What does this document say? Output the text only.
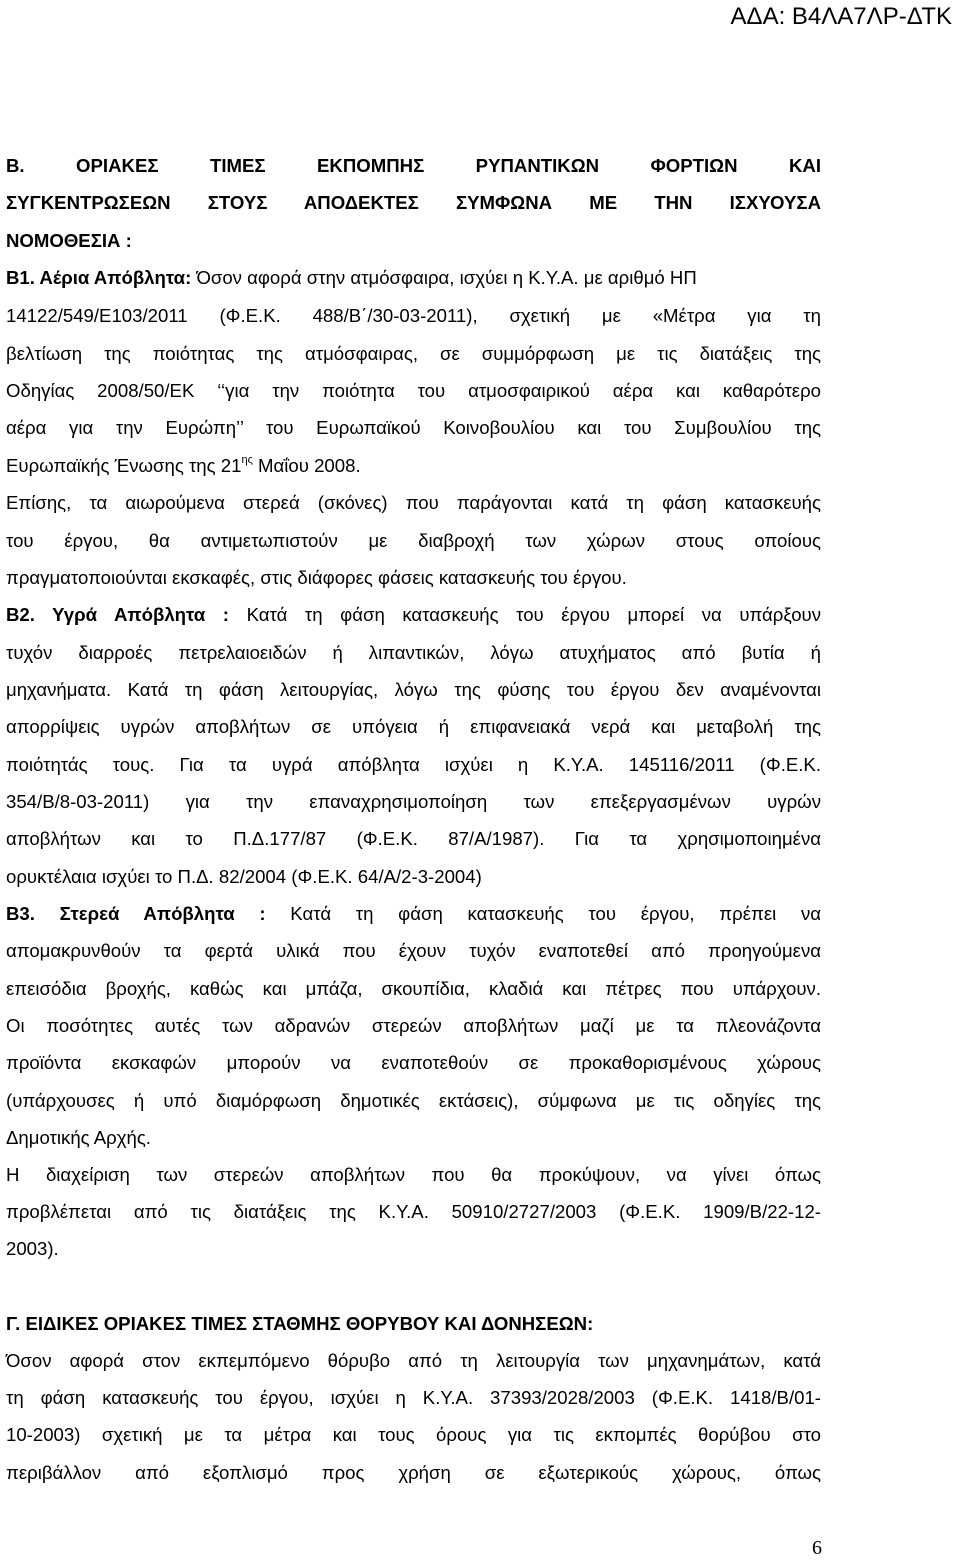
ΑΔΑ: Β4ΛΑ7ΛΡ-ΔΤΚ
Β. ΟΡΙΑΚΕΣ ΤΙΜΕΣ ΕΚΠΟΜΠΗΣ ΡΥΠΑΝΤΙΚΩΝ ΦΟΡΤΙΩΝ ΚΑΙ
ΣΥΓΚΕΝΤΡΩΣΕΩΝ ΣΤΟΥΣ ΑΠΟΔΕΚΤΕΣ ΣΥΜΦΩΝΑ ΜΕ ΤΗΝ ΙΣΧΥΟΥΣΑ
ΝΟΜΟΘΕΣΙΑ :
Β1. Αέρια Απόβλητα: Όσον αφορά στην ατμόσφαιρα, ισχύει η Κ.Υ.Α. με αριθμό ΗΠ
14122/549/Ε103/2011 (Φ.Ε.Κ. 488/Β΄/30-03-2011), σχετική με «Μέτρα για τη
βελτίωση της ποιότητας της ατμόσφαιρας, σε συμμόρφωση με τις διατάξεις της
Οδηγίας 2008/50/ΕΚ ‘‘για την ποιότητα του ατμοσφαιρικού αέρα και καθαρότερο
αέρα για την Ευρώπη’’ του Ευρωπαϊκού Κοινοβουλίου και του Συμβουλίου της
Ευρωπαϊκής Ένωσης της $21^{\eta\varsigma}$ Μαΐου 2008.
Επίσης, τα αιωρούμενα στερεά (σκόνες) που παράγονται κατά τη φάση κατασκευής
του έργου, θα αντιμετωπιστούν με διαβροχή των χώρων στους οποίους
πραγματοποιούνται εκσκαφές, στις διάφορες φάσεις κατασκευής του έργου.
Β2. Υγρά Απόβλητα : Κατά τη φάση κατασκευής του έργου μπορεί να υπάρξουν
τυχόν διαρροές πετρελαιοειδών ή λιπαντικών, λόγω ατυχήματος από βυτία ή
μηχανήματα. Κατά τη φάση λειτουργίας, λόγω της φύσης του έργου δεν αναμένονται
απορρίψεις υγρών αποβλήτων σε υπόγεια ή επιφανειακά νερά και μεταβολή της
ποιότητάς τους. Για τα υγρά απόβλητα ισχύει η Κ.Υ.Α. 145116/2011 (Φ.Ε.Κ.
354/Β/8-03-2011) για την επαναχρησιμοποίηση των επεξεργασμένων υγρών
αποβλήτων και το Π.Δ.177/87 (Φ.Ε.Κ. 87/Α/1987). Για τα χρησιμοποιημένα
ορυκτέλαια ισχύει το Π.Δ. 82/2004 (Φ.Ε.Κ. 64/Α/2-3-2004)
Β3. Στερεά Απόβλητα : Κατά τη φάση κατασκευής του έργου, πρέπει να
απομακρυνθούν τα φερτά υλικά που έχουν τυχόν εναποτεθεί από προηγούμενα
επεισόδια βροχής, καθώς και μπάζα, σκουπίδια, κλαδιά και πέτρες που υπάρχουν.
Οι ποσότητες αυτές των αδρανών στερεών αποβλήτων μαζί με τα πλεονάζοντα
προϊόντα εκσκαφών μπορούν να εναποτεθούν σε προκαθορισμένους χώρους
(υπάρχουσες ή υπό διαμόρφωση δημοτικές εκτάσεις), σύμφωνα με τις οδηγίες της
Δημοτικής Αρχής.
Η διαχείριση των στερεών αποβλήτων που θα προκύψουν, να γίνει όπως
προβλέπεται από τις διατάξεις της Κ.Υ.Α. 50910/2727/2003 (Φ.Ε.Κ. 1909/Β/22-12-
2003).
Γ. ΕΙΔΙΚΕΣ ΟΡΙΑΚΕΣ ΤΙΜΕΣ ΣΤΑΘΜΗΣ ΘΟΡΥΒΟΥ ΚΑΙ ΔΟΝΗΣΕΩΝ:
Όσον αφορά στον εκπεμπόμενο θόρυβο από τη λειτουργία των μηχανημάτων, κατά
τη φάση κατασκευής του έργου, ισχύει η Κ.Υ.Α. 37393/2028/2003 (Φ.Ε.Κ. 1418/Β/01-
10-2003) σχετική με τα μέτρα και τους όρους για τις εκπομπές θορύβου στο
περιβάλλον από εξοπλισμό προς χρήση σε εξωτερικούς χώρους, όπως
6
